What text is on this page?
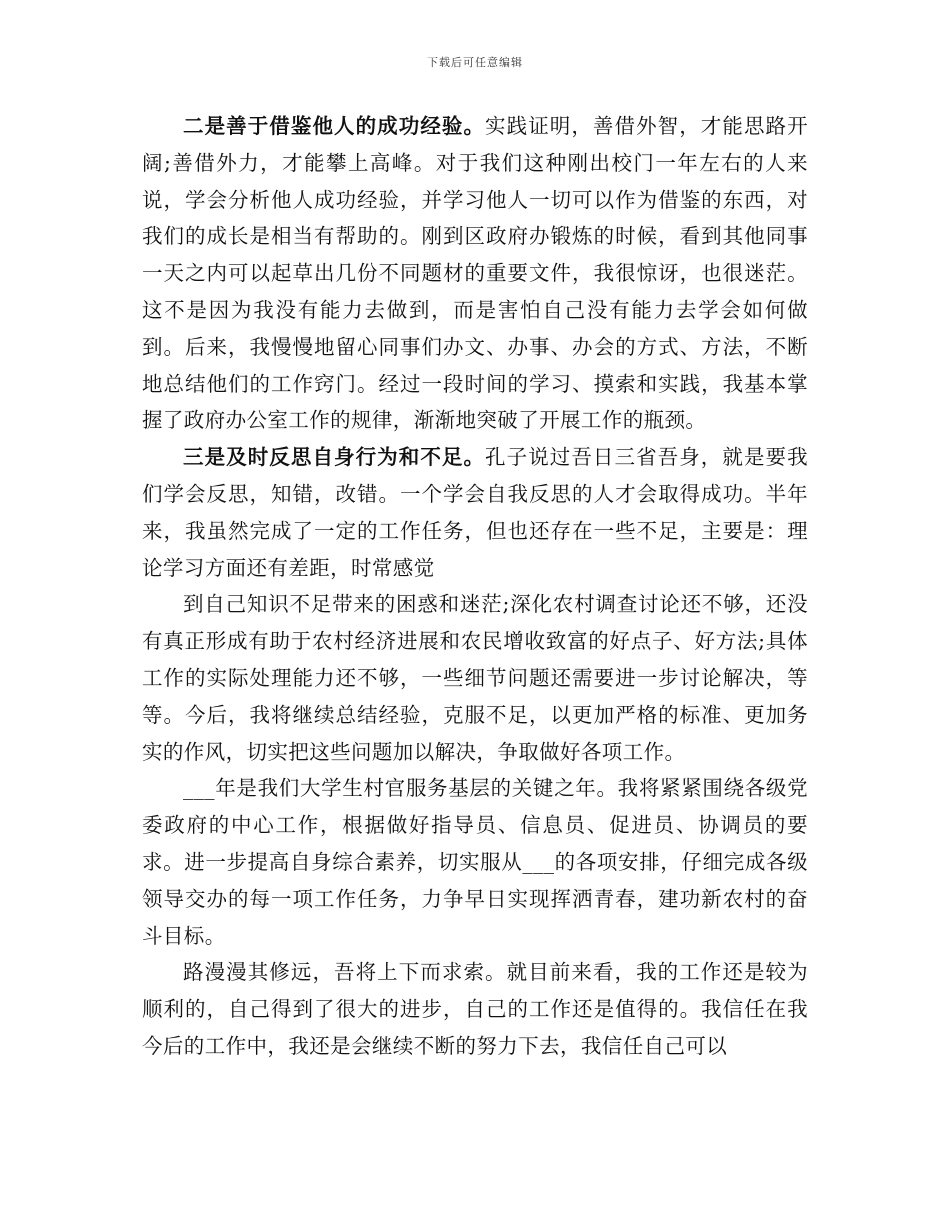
下载后可任意编辑

二是善于借鉴他人的成功经验。实践证明，善借外智，才能思路开阔;善借外力，才能攀上高峰。对于我们这种刚出校门一年左右的人来说，学会分析他人成功经验，并学习他人一切可以作为借鉴的东西，对我们的成长是相当有帮助的。刚到区政府办锻炼的时候，看到其他同事一天之内可以起草出几份不同题材的重要文件，我很惊讶，也很迷茫。这不是因为我没有能力去做到，而是害怕自己没有能力去学会如何做到。后来，我慢慢地留心同事们办文、办事、办会的方式、方法，不断地总结他们的工作窍门。经过一段时间的学习、摸索和实践，我基本掌握了政府办公室工作的规律，渐渐地突破了开展工作的瓶颈。

三是及时反思自身行为和不足。孔子说过吾日三省吾身，就是要我们学会反思，知错，改错。一个学会自我反思的人才会取得成功。半年来，我虽然完成了一定的工作任务，但也还存在一些不足，主要是：理论学习方面还有差距，时常感觉

到自己知识不足带来的困惑和迷茫;深化农村调查讨论还不够，还没有真正形成有助于农村经济进展和农民增收致富的好点子、好方法;具体工作的实际处理能力还不够，一些细节问题还需要进一步讨论解决，等等。今后，我将继续总结经验，克服不足，以更加严格的标准、更加务实的作风，切实把这些问题加以解决，争取做好各项工作。

___年是我们大学生村官服务基层的关键之年。我将紧紧围绕各级党委政府的中心工作，根据做好指导员、信息员、促进员、协调员的要求。进一步提高自身综合素养，切实服从___的各项安排，仔细完成各级领导交办的每一项工作任务，力争早日实现挥洒青春，建功新农村的奋斗目标。

路漫漫其修远，吾将上下而求索。就目前来看，我的工作还是较为顺利的，自己得到了很大的进步，自己的工作还是值得的。我信任在我今后的工作中，我还是会继续不断的努力下去，我信任自己可以
